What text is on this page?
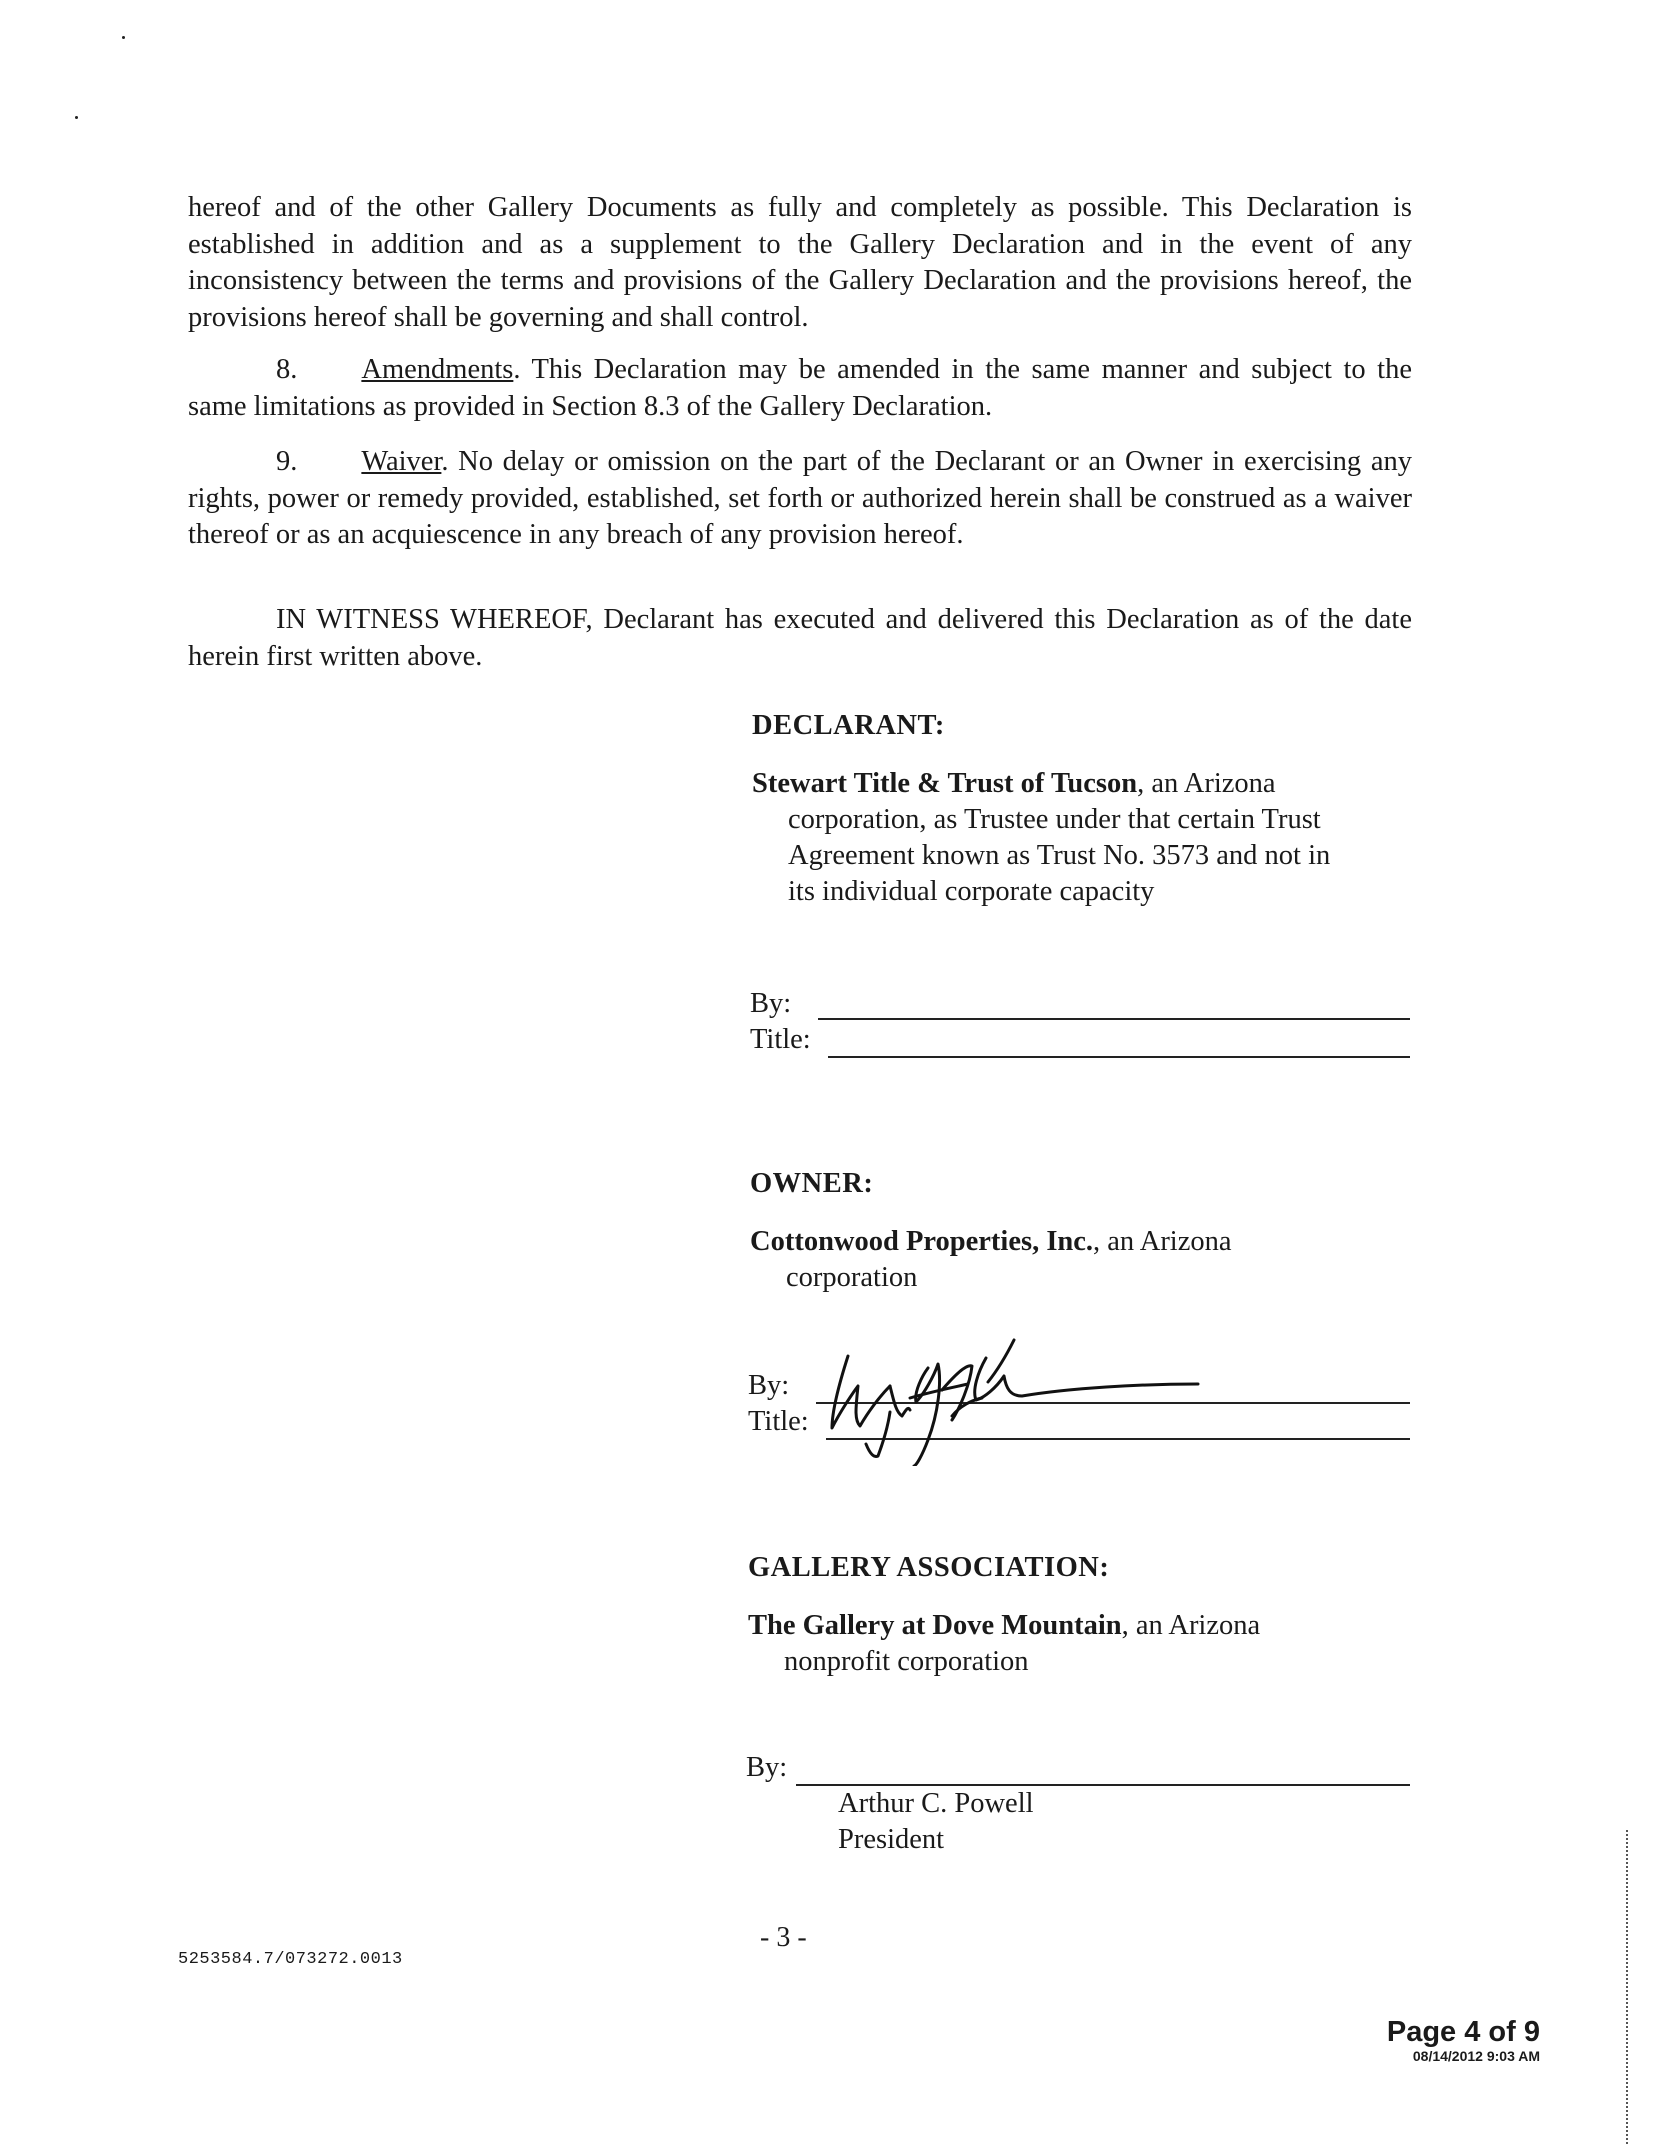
hereof and of the other Gallery Documents as fully and completely as possible. This Declaration is established in addition and as a supplement to the Gallery Declaration and in the event of any inconsistency between the terms and provisions of the Gallery Declaration and the provisions hereof, the provisions hereof shall be governing and shall control.
8. Amendments. This Declaration may be amended in the same manner and subject to the same limitations as provided in Section 8.3 of the Gallery Declaration.
9. Waiver. No delay or omission on the part of the Declarant or an Owner in exercising any rights, power or remedy provided, established, set forth or authorized herein shall be construed as a waiver thereof or as an acquiescence in any breach of any provision hereof.
IN WITNESS WHEREOF, Declarant has executed and delivered this Declaration as of the date herein first written above.
DECLARANT:
Stewart Title & Trust of Tucson, an Arizona
corporation, as Trustee under that certain Trust
Agreement known as Trust No. 3573 and not in
its individual corporate capacity
By:
Title:
OWNER:
Cottonwood Properties, Inc., an Arizona
corporation
By:
Title:
GALLERY ASSOCIATION:
The Gallery at Dove Mountain, an Arizona
nonprofit corporation
By:
Arthur C. Powell
President
- 3 -
5253584.7/073272.0013
Page 4 of 9
08/14/2012 9:03 AM
